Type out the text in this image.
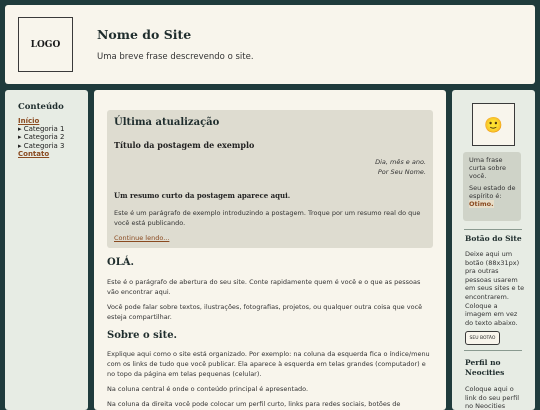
LOGO
Nome do Site
Uma breve frase descrevendo o site.
Conteúdo
Início
▸ Categoria 1
▸ Categoria 2
▸ Categoria 3
Contato
Última atualização
Título da postagem de exemplo
Dia, mês e ano.
Por Seu Nome.
Um resumo curto da postagem aparece aqui.
Este é um parágrafo de exemplo introduzindo a postagem. Troque por um resumo real do que você está publicando.
Continue lendo...
OLÁ.
Este é o parágrafo de abertura do seu site. Conte rapidamente quem é você e o que as pessoas vão encontrar aqui.
Você pode falar sobre textos, ilustrações, fotografias, projetos, ou qualquer outra coisa que você esteja compartilhar.
Sobre o site.
Explique aqui como o site está organizado. Por exemplo: na coluna da esquerda fica o índice/menu com os links de tudo que você publicar. Ela aparece à esquerda em telas grandes (computador) e no topo da página em telas pequenas (celular).
Na coluna central é onde o conteúdo principal é apresentado.
Na coluna da direita você pode colocar um perfil curto, links para redes sociais, botões de
🙂
Uma frase curta sobre você.
Seu estado de espírito é: Otimo.
Botão do Site
Deixe aqui um botão (88x31px) pra outras pessoas usarem em seus sites e te encontrarem. Coloque a imagem em vez do texto abaixo.
SEU BOTÃO
Perfil no Neocities
Coloque aqui o link do seu perfil no Neocities
